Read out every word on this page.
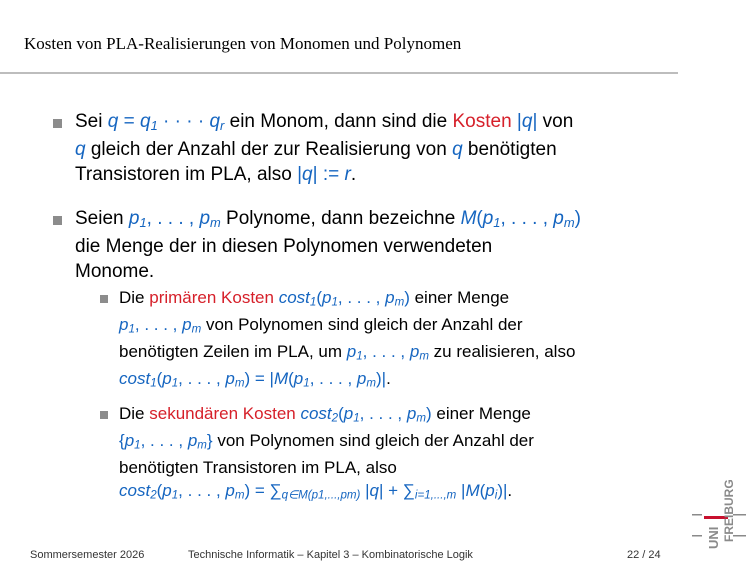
Kosten von PLA-Realisierungen von Monomen und Polynomen
Sei $q = q_1$ · · · · $q_r$ ein Monom, dann sind die Kosten |q| von
q gleich der Anzahl der zur Realisierung von q benötigten
Transistoren im PLA, also |q| := r.
Seien $p_1$, . . . , $p_m$ Polynome, dann bezeichne $M(p_1$, . . . , $p_m$)
die Menge der in diesen Polynomen verwendeten
Monome.
Die primären Kosten $\cos t_1(p_1$, . . . , $p_m$) einer Menge
$p_1$, . . . , $p_m$ von Polynomen sind gleich der Anzahl der
benötigten Zeilen im PLA, um $p_1$, . . . , $p_m$ zu realisieren, also
$\cos t_1(p_1$, . . . , $p_m) = |M(p_1$, . . . , $p_m)|$.
Die sekundären Kosten $\cos t_2(p_1$, . . . , $p_m$) einer Menge
{$p_1$, . . . , $p_m$} von Polynomen sind gleich der Anzahl der
benötigten Transistoren im PLA, also
$\cos t_2(p_1$, . . . , $p_m) = \sum_{q\in M(p1,...,pm)}$ $|q| + \sum_{i=1,...,m}$ $|M(p_i)|$.
Sommersemester 2026	Technische Informatik – Kapitel 3 – Kombinatorische Logik	22 / 24
UNI FREIBURG
